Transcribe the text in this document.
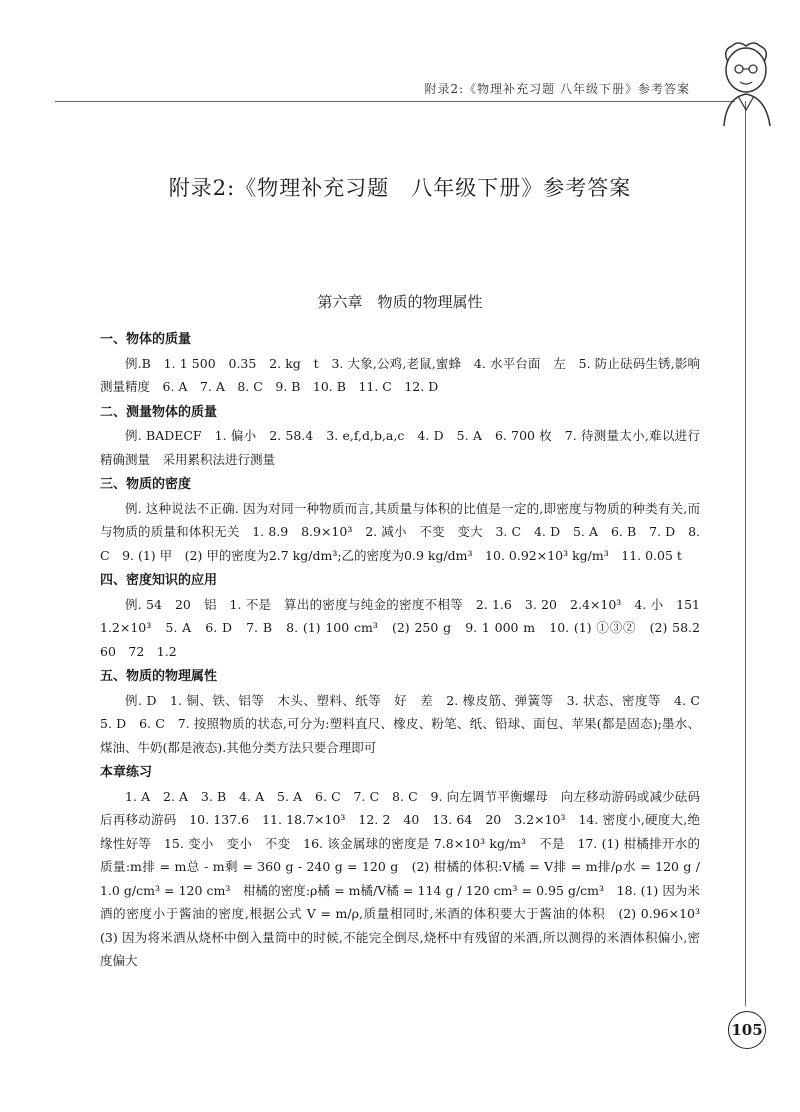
附录2:《物理补充习题 八年级下册》参考答案
附录2:《物理补充习题　八年级下册》参考答案
第六章　物质的物理属性
一、物体的质量
例.B　1. 1 500　0.35　2. kg　t　3. 大象,公鸡,老鼠,蜜蜂　4. 水平台面　左　5. 防止砝码生锈,影响测量精度　6. A　7. A　8. C　9. B　10. B　11. C　12. D
二、测量物体的质量
例. BADECF　1. 偏小　2. 58.4　3. e,f,d,b,a,c　4. D　5. A　6. 700 枚　7. 待测量太小,难以进行精确测量　采用累积法进行测量
三、物质的密度
例. 这种说法不正确. 因为对同一种物质而言,其质量与体积的比值是一定的,即密度与物质的种类有关,而与物质的质量和体积无关　1. 8.9　8.9×10³　2. 减小　不变　变大　3. C　4. D　5. A　6. B　7. D　8. C　9. (1) 甲　(2) 甲的密度为2.7 kg/dm³;乙的密度为0.9 kg/dm³　10. 0.92×10³ kg/m³　11. 0.05 t
四、密度知识的应用
例. 54　20　铝　1. 不是　算出的密度与纯金的密度不相等　2. 1.6　3. 20　2.4×10³　4. 小　151　1.2×10³　5. A　6. D　7. B　8. (1) 100 cm³　(2) 250 g　9. 1 000 m　10. (1) ①③②　(2) 58.2　60　72　1.2
五、物质的物理属性
例. D　1. 铜、铁、铝等　木头、塑料、纸等　好　差　2. 橡皮筋、弹簧等　3. 状态、密度等　4. C　5. D　6. C　7. 按照物质的状态,可分为:塑料直尺、橡皮、粉笔、纸、铅球、面包、苹果(都是固态);墨水、煤油、牛奶(都是液态).其他分类方法只要合理即可
本章练习
1. A　2. A　3. B　4. A　5. A　6. C　7. C　8. C　9. 向左调节平衡螺母　向左移动游码或减少砝码后再移动游码　10. 137.6　11. 18.7×10³　12. 2　40　13. 64　20　3.2×10³　14. 密度小,硬度大,绝缘性好等　15. 变小　变小　不变　16. 该金属球的密度是 7.8×10³ kg/m³　不是　17. (1) 柑橘排开水的质量:m排 = m总 - m剩 = 360 g - 240 g = 120 g　(2) 柑橘的体积:V橘 = V排 = m排/ρ水 = 120 g / 1.0 g/cm³ = 120 cm³　柑橘的密度:ρ橘 = m橘/V橘 = 114 g / 120 cm³ = 0.95 g/cm³　18. (1) 因为米酒的密度小于酱油的密度,根据公式 V = m/ρ,质量相同时,米酒的体积要大于酱油的体积　(2) 0.96×10³　(3) 因为将米酒从烧杯中倒入量筒中的时候,不能完全倒尽,烧杯中有残留的米酒,所以测得的米酒体积偏小,密度偏大
105
